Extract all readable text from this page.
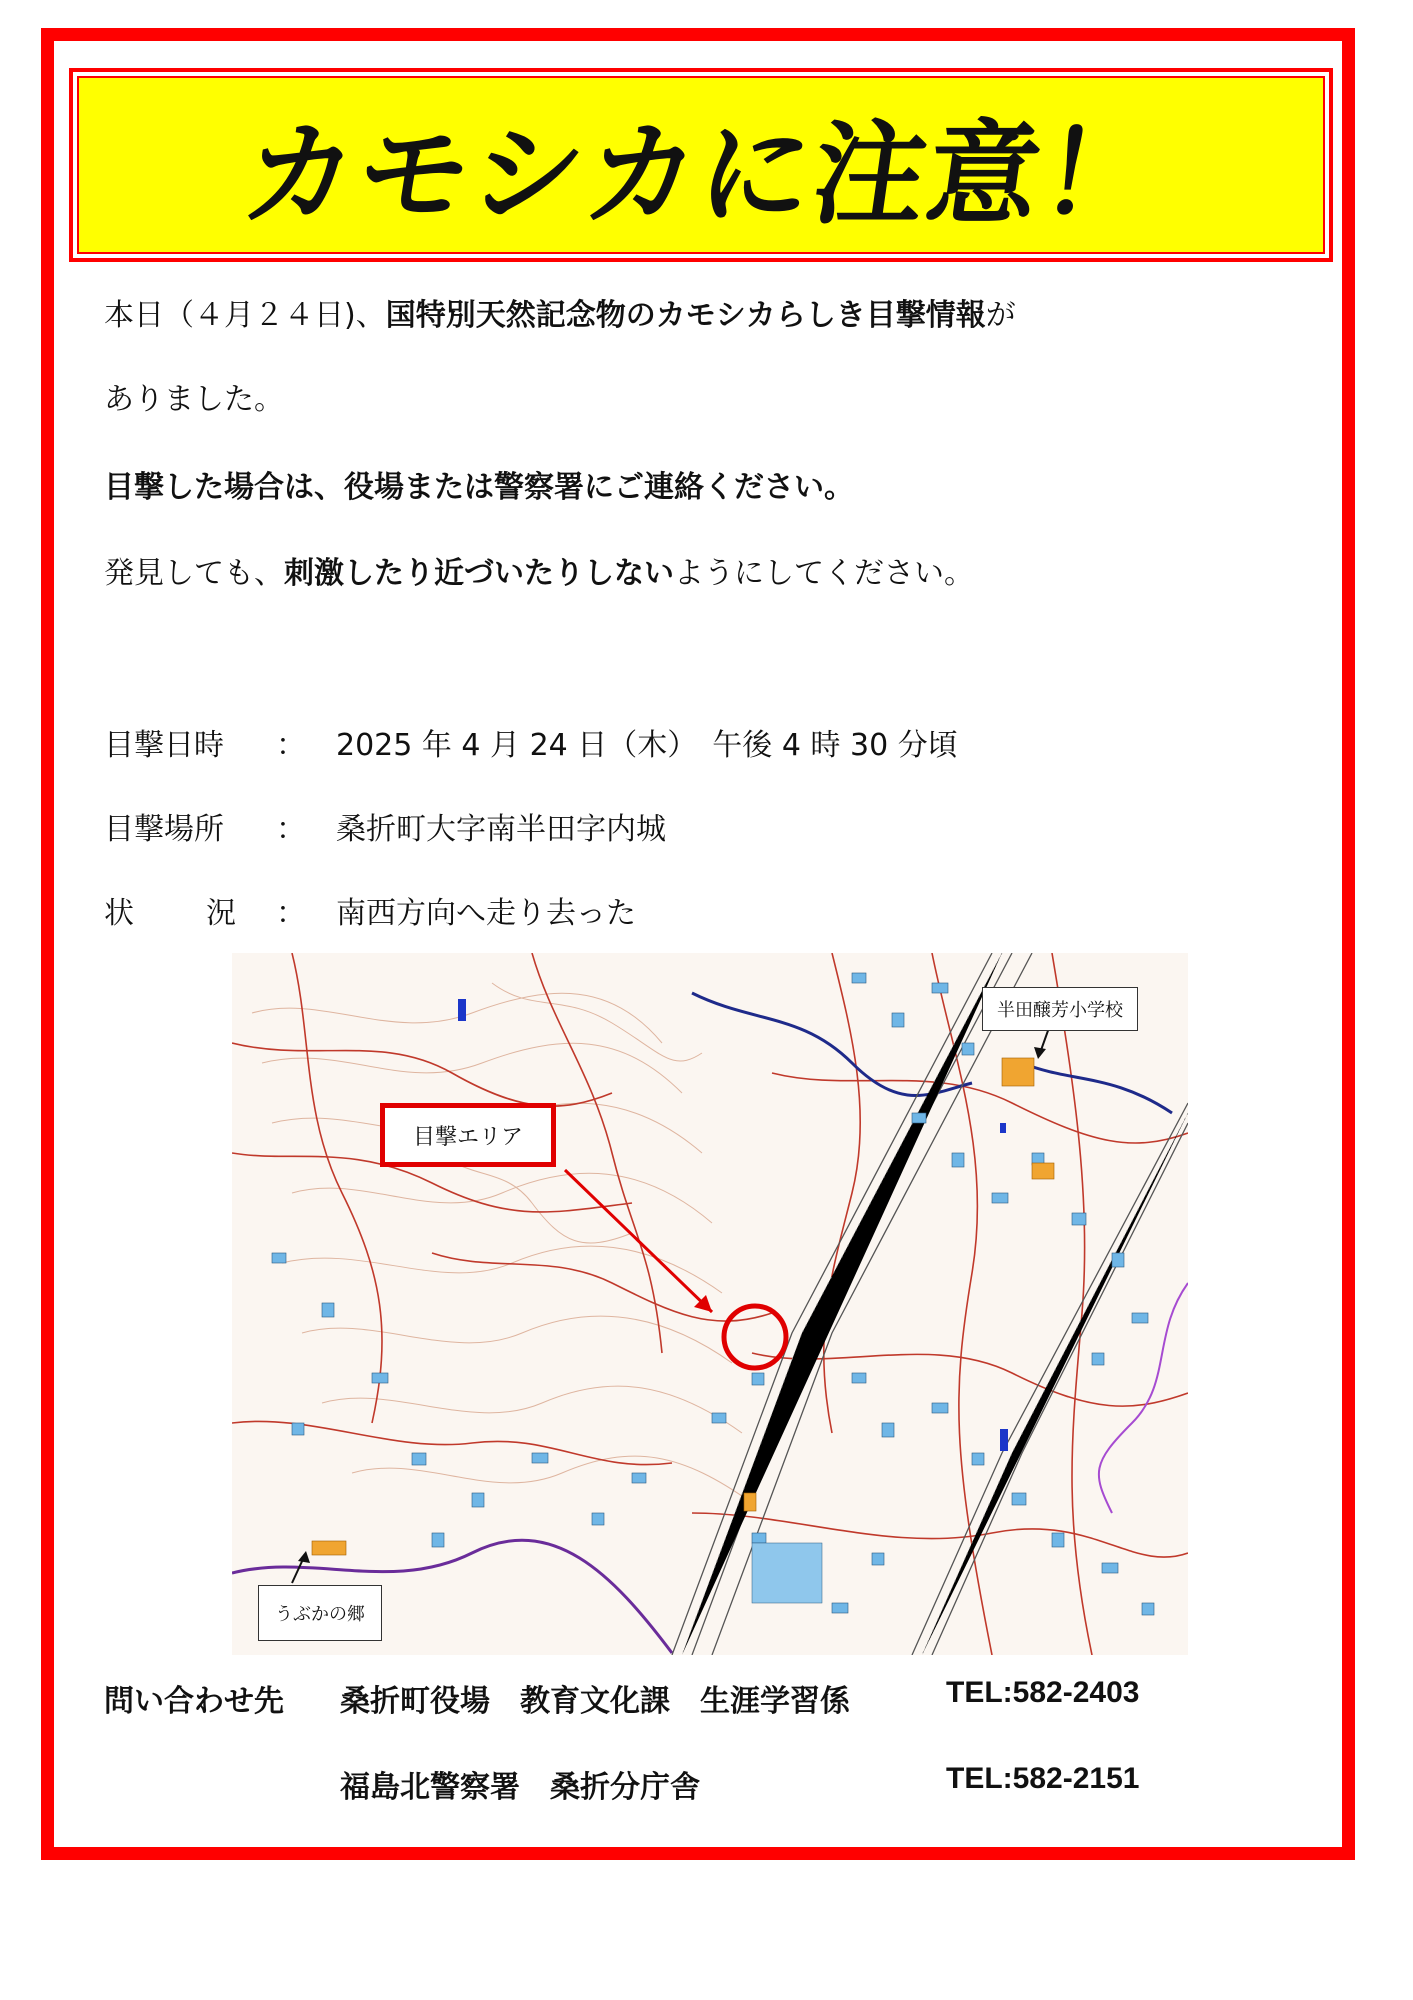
カモシカに注意！
本日（４月２４日)、国特別天然記念物のカモシカらしき目撃情報が
ありました。
目撃した場合は、役場または警察署にご連絡ください。
発見しても、刺激したり近づいたりしないようにしてください。
目撃日時 ： 2025 年 4 月 24 日（木）　午後 4 時 30 分頃
目撃場所 ： 桑折町大字南半田字内城
状 況 ： 南西方向へ走り去った
半田醸芳小学校
目撃エリア
うぶかの郷
問い合わせ先 桑折町役場　教育文化課　生涯学習係	TEL:582-2403
福島北警察署　桑折分庁舎	TEL:582-2151
